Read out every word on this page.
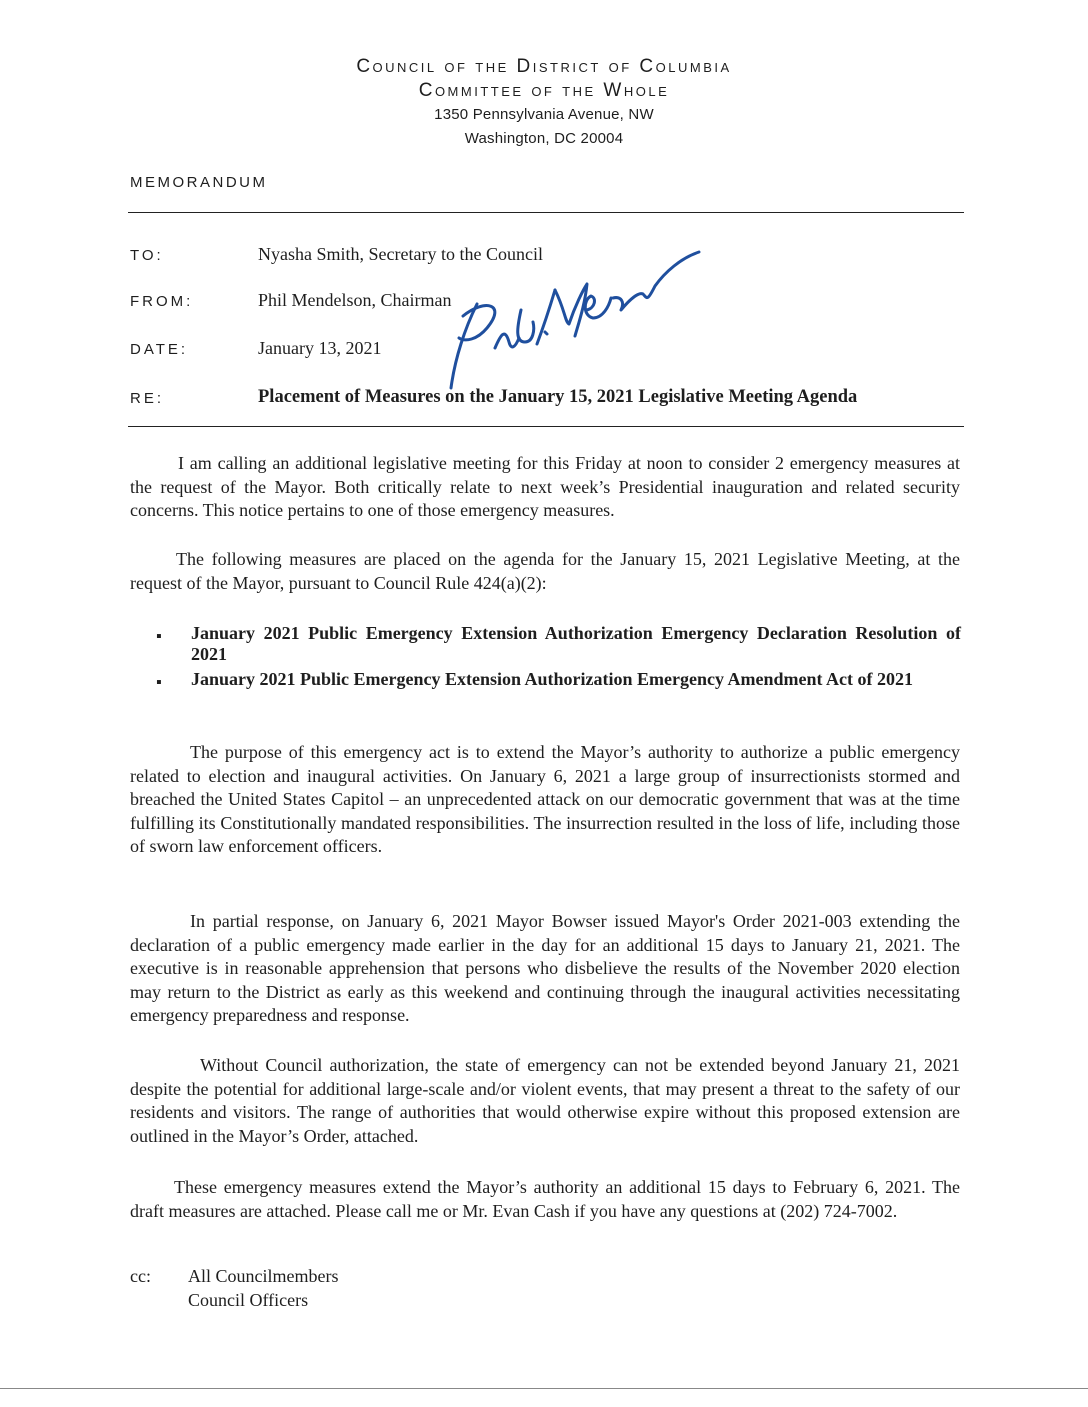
Council of the District of Columbia
Committee of the Whole
1350 Pennsylvania Avenue, NW
Washington, DC 20004
MEMORANDUM
TO:	Nyasha Smith, Secretary to the Council
FROM:	Phil Mendelson, Chairman
DATE:	January 13, 2021
RE:	Placement of Measures on the January 15, 2021 Legislative Meeting Agenda

I am calling an additional legislative meeting for this Friday at noon to consider 2 emergency measures at the request of the Mayor. Both critically relate to next week’s Presidential inauguration and related security concerns. This notice pertains to one of those emergency measures.

The following measures are placed on the agenda for the January 15, 2021 Legislative Meeting, at the request of the Mayor, pursuant to Council Rule 424(a)(2):

▪ January 2021 Public Emergency Extension Authorization Emergency Declaration Resolution of 2021

▪ January 2021 Public Emergency Extension Authorization Emergency Amendment Act of 2021

The purpose of this emergency act is to extend the Mayor’s authority to authorize a public emergency related to election and inaugural activities. On January 6, 2021 a large group of insurrectionists stormed and breached the United States Capitol – an unprecedented attack on our democratic government that was at the time fulfilling its Constitutionally mandated responsibilities. The insurrection resulted in the loss of life, including those of sworn law enforcement officers.

In partial response, on January 6, 2021 Mayor Bowser issued Mayor's Order 2021-003 extending the declaration of a public emergency made earlier in the day for an additional 15 days to January 21, 2021. The executive is in reasonable apprehension that persons who disbelieve the results of the November 2020 election may return to the District as early as this weekend and continuing through the inaugural activities necessitating emergency preparedness and response.

Without Council authorization, the state of emergency can not be extended beyond January 21, 2021 despite the potential for additional large-scale and/or violent events, that may present a threat to the safety of our residents and visitors. The range of authorities that would otherwise expire without this proposed extension are outlined in the Mayor’s Order, attached.

These emergency measures extend the Mayor’s authority an additional 15 days to February 6, 2021. The draft measures are attached. Please call me or Mr. Evan Cash if you have any questions at (202) 724-7002.

cc: All Councilmembers
Council Officers
